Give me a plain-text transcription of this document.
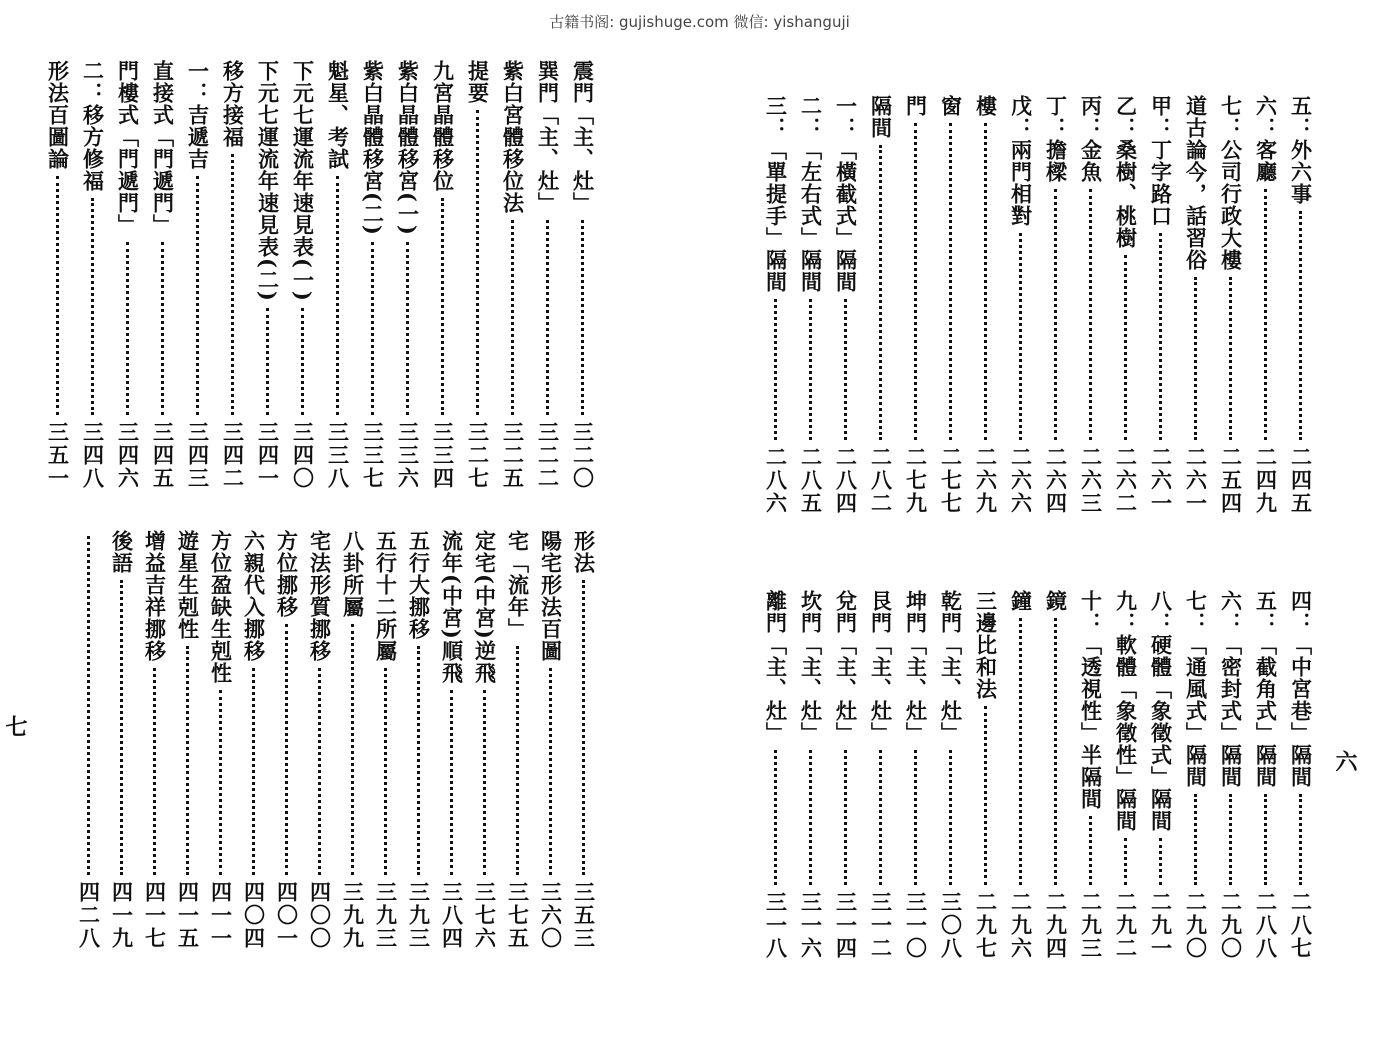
古籍书阁: gujishuge.com 微信: yishanguji
五：外六事
二四五
六：客廳
二四九
七：公司行政大樓
二五四
道古論今，話習俗
二六一
甲：丁字路口
二六一
乙：桑樹、桃樹
二六二
丙：金魚
二六三
丁：擔樑
二六四
戊：兩門相對
二六六
樓
二六九
窗
二七七
門
二七九
隔間
二八二
一：「橫截式」隔間
二八四
二：「左右式」隔間
二八五
三：「單提手」隔間
二八六
四：「中宮巷」隔間
二八七
五：「截角式」隔間
二八八
六：「密封式」隔間
二九〇
七：「通風式」隔間
二九〇
八：硬體「象徵式」隔間
二九一
九：軟體「象徵性」隔間
二九二
十：「透視性」半隔間
二九三
鏡
二九四
鐘
二九六
三邊比和法
二九七
乾門「主、灶」
三〇八
坤門「主、灶」
三一〇
艮門「主、灶」
三一二
兌門「主、灶」
三一四
坎門「主、灶」
三一六
離門「主、灶」
三一八
震門「主、灶」
三二〇
巽門「主、灶」
三二二
紫白宮體移位法
三二五
提要
三二七
九宮晶體移位
三三四
紫白晶體移宮(一)
三三六
紫白晶體移宮(二)
三三七
魁星、考試
三三八
下元七運流年速見表(一)
三四〇
下元七運流年速見表(二)
三四一
移方接福
三四二
一：吉遞吉
三四三
直接式「門遞門」
三四五
門樓式「門遞門」
三四六
二：移方修福
三四八
形法百圖論
三五一
形法
三五三
陽宅形法百圖
三六〇
宅「流年」
三七五
定宅(中宮)逆飛
三七六
流年(中宮)順飛
三八四
五行大挪移
三九三
五行十二所屬
三九三
八卦所屬
三九九
宅法形質挪移
四〇〇
方位挪移
四〇一
六親代入挪移
四〇四
方位盈缺生剋性
四一一
遊星生剋性
四一五
增益吉祥挪移
四一七
後語
四一九
四二八
六
七
